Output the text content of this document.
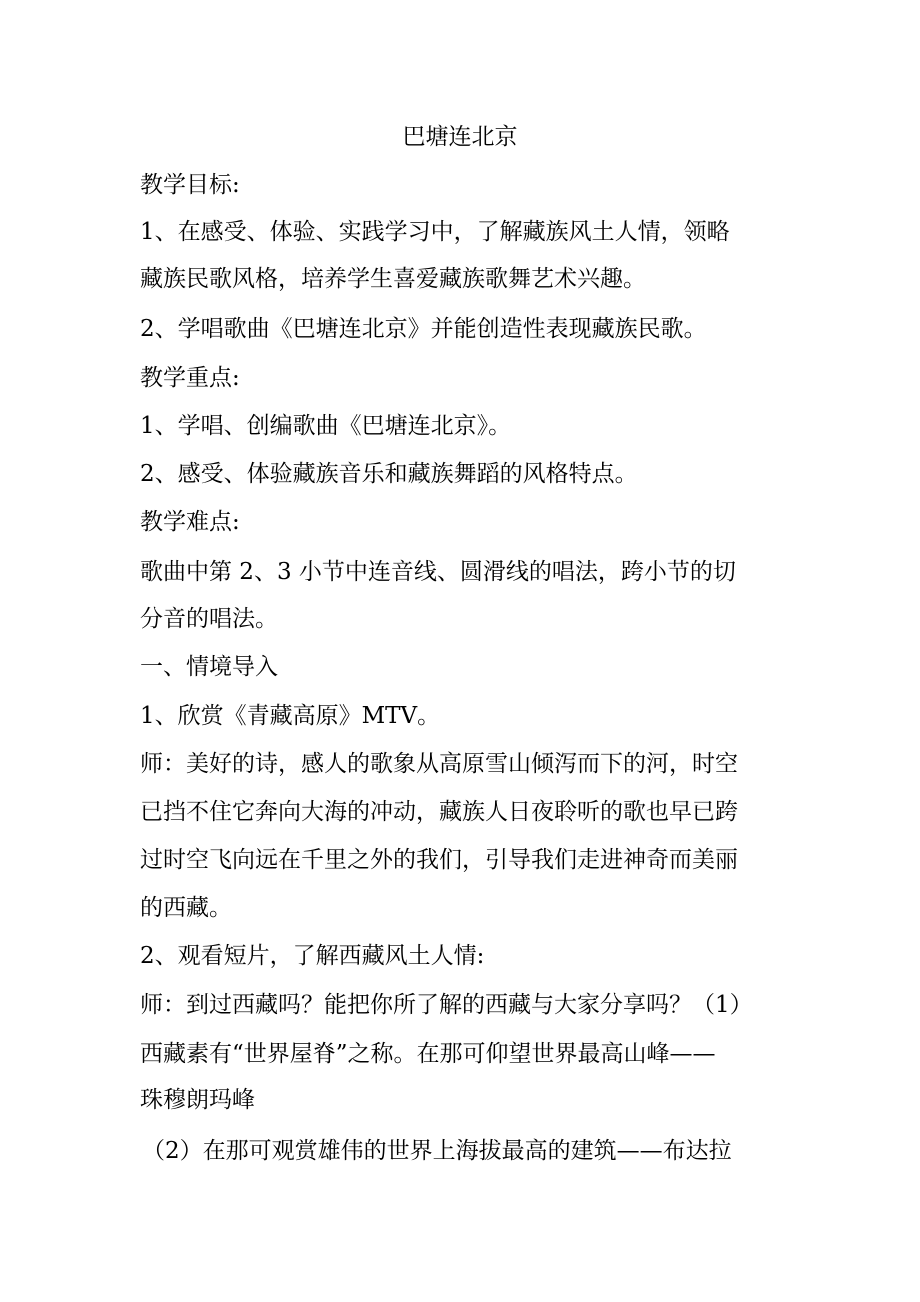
巴塘连北京
教学目标:
1、在感受、体验、实践学习中，了解藏族风土人情，领略
藏族民歌风格，培养学生喜爱藏族歌舞艺术兴趣。
2、学唱歌曲《巴塘连北京》并能创造性表现藏族民歌。
教学重点:
1、学唱、创编歌曲《巴塘连北京》。
2、感受、体验藏族音乐和藏族舞蹈的风格特点。
教学难点:
歌曲中第 2、3 小节中连音线、圆滑线的唱法，跨小节的切
分音的唱法。
一、情境导入
1、欣赏《青藏高原》MTV。
师：美好的诗，感人的歌象从高原雪山倾泻而下的河，时空
已挡不住它奔向大海的冲动，藏族人日夜聆听的歌也早已跨
过时空飞向远在千里之外的我们，引导我们走进神奇而美丽
的西藏。
2、观看短片，了解西藏风土人情:
师：到过西藏吗？能把你所了解的西藏与大家分享吗？（1）
西藏素有“世界屋脊”之称。在那可仰望世界最高山峰——
珠穆朗玛峰
（2）在那可观赏雄伟的世界上海拔最高的建筑——布达拉
